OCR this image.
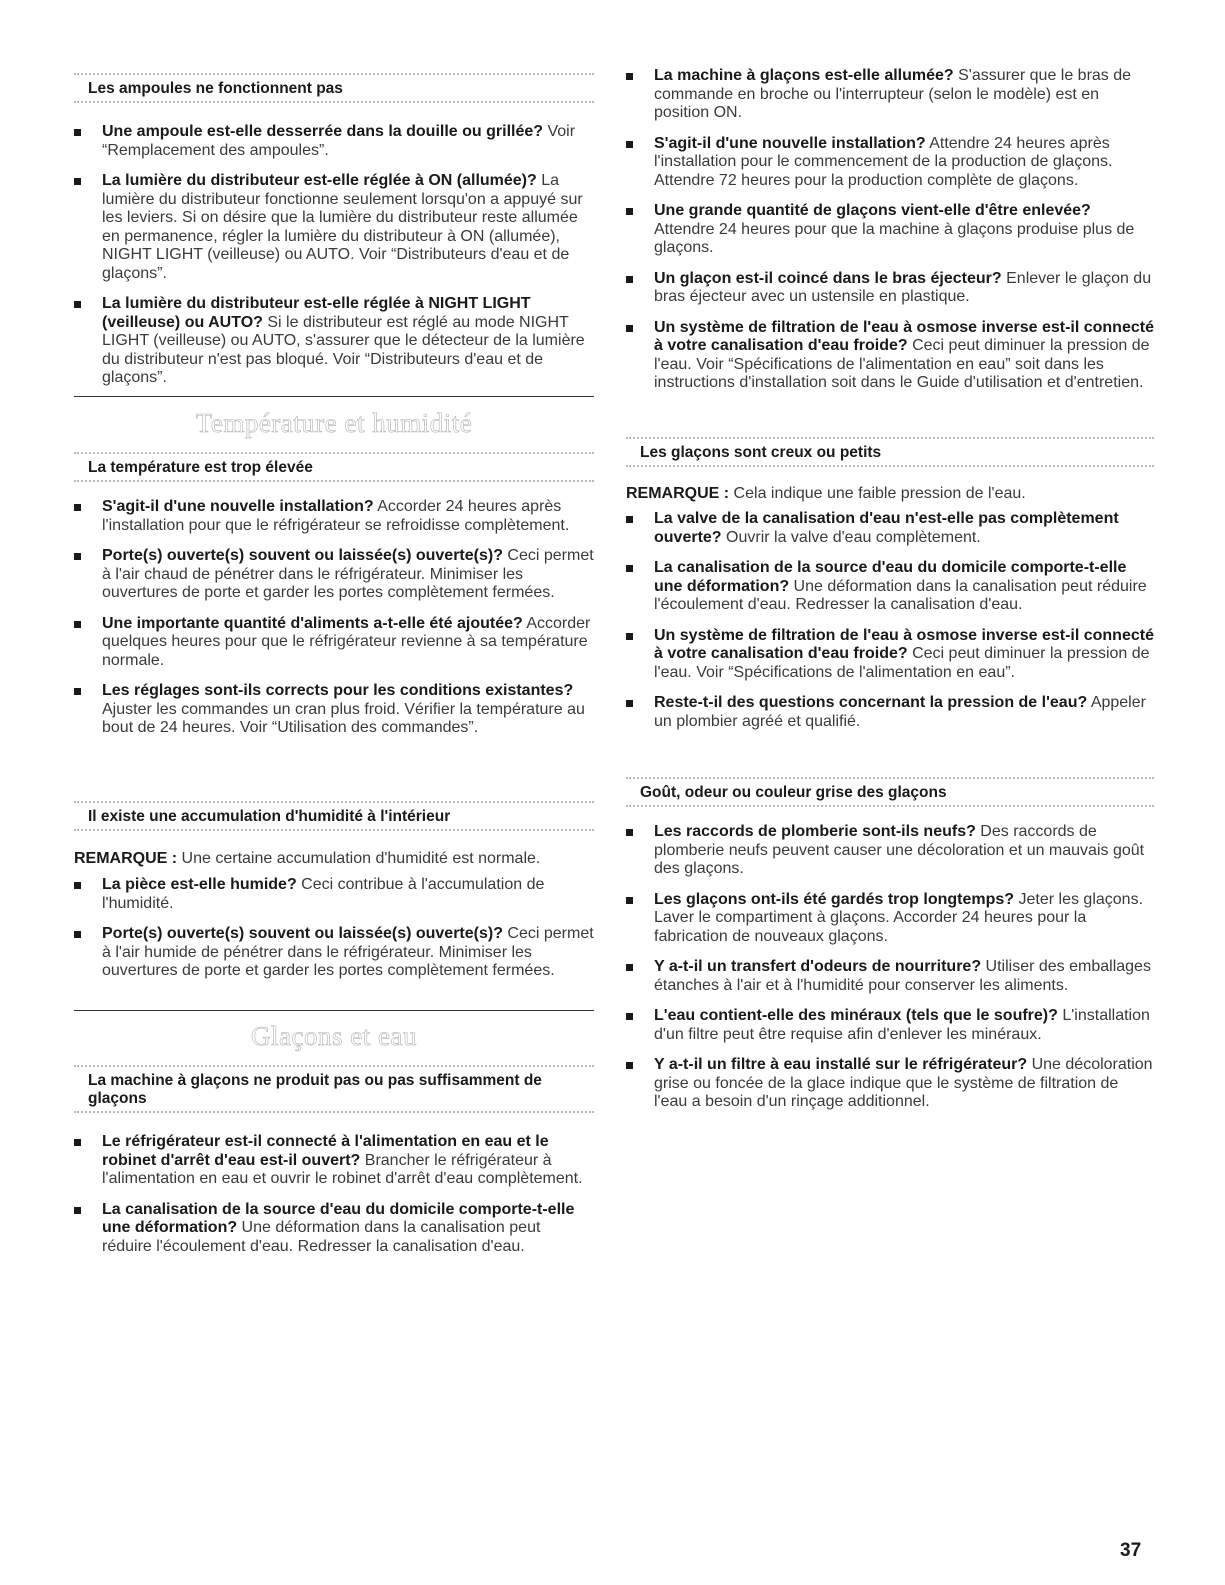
Les ampoules ne fonctionnent pas
Une ampoule est-elle desserrée dans la douille ou grillée? Voir “Remplacement des ampoules”.
La lumière du distributeur est-elle réglée à ON (allumée)? La lumière du distributeur fonctionne seulement lorsqu'on a appuyé sur les leviers. Si on désire que la lumière du distributeur reste allumée en permanence, régler la lumière du distributeur à ON (allumée), NIGHT LIGHT (veilleuse) ou AUTO. Voir “Distributeurs d'eau et de glaçons”.
La lumière du distributeur est-elle réglée à NIGHT LIGHT (veilleuse) ou AUTO? Si le distributeur est réglé au mode NIGHT LIGHT (veilleuse) ou AUTO, s'assurer que le détecteur de la lumière du distributeur n'est pas bloqué. Voir “Distributeurs d'eau et de glaçons”.
Température et humidité
La température est trop élevée
S'agit-il d'une nouvelle installation? Accorder 24 heures après l'installation pour que le réfrigérateur se refroidisse complètement.
Porte(s) ouverte(s) souvent ou laissée(s) ouverte(s)? Ceci permet à l'air chaud de pénétrer dans le réfrigérateur. Minimiser les ouvertures de porte et garder les portes complètement fermées.
Une importante quantité d'aliments a-t-elle été ajoutée? Accorder quelques heures pour que le réfrigérateur revienne à sa température normale.
Les réglages sont-ils corrects pour les conditions existantes? Ajuster les commandes un cran plus froid. Vérifier la température au bout de 24 heures. Voir “Utilisation des commandes”.
Il existe une accumulation d'humidité à l'intérieur
REMARQUE : Une certaine accumulation d'humidité est normale.
La pièce est-elle humide? Ceci contribue à l'accumulation de l'humidité.
Porte(s) ouverte(s) souvent ou laissée(s) ouverte(s)? Ceci permet à l'air humide de pénétrer dans le réfrigérateur. Minimiser les ouvertures de porte et garder les portes complètement fermées.
Glaçons et eau
La machine à glaçons ne produit pas ou pas suffisamment de glaçons
Le réfrigérateur est-il connecté à l'alimentation en eau et le robinet d'arrêt d'eau est-il ouvert? Brancher le réfrigérateur à l'alimentation en eau et ouvrir le robinet d'arrêt d'eau complètement.
La canalisation de la source d'eau du domicile comporte-t-elle une déformation? Une déformation dans la canalisation peut réduire l'écoulement d'eau. Redresser la canalisation d'eau.
La machine à glaçons est-elle allumée? S'assurer que le bras de commande en broche ou l'interrupteur (selon le modèle) est en position ON.
S'agit-il d'une nouvelle installation? Attendre 24 heures après l'installation pour le commencement de la production de glaçons. Attendre 72 heures pour la production complète de glaçons.
Une grande quantité de glaçons vient-elle d'être enlevée? Attendre 24 heures pour que la machine à glaçons produise plus de glaçons.
Un glaçon est-il coincé dans le bras éjecteur? Enlever le glaçon du bras éjecteur avec un ustensile en plastique.
Un système de filtration de l'eau à osmose inverse est-il connecté à votre canalisation d'eau froide? Ceci peut diminuer la pression de l'eau. Voir “Spécifications de l'alimentation en eau” soit dans les instructions d'installation soit dans le Guide d'utilisation et d'entretien.
Les glaçons sont creux ou petits
REMARQUE : Cela indique une faible pression de l'eau.
La valve de la canalisation d'eau n'est-elle pas complètement ouverte? Ouvrir la valve d'eau complètement.
La canalisation de la source d'eau du domicile comporte-t-elle une déformation? Une déformation dans la canalisation peut réduire l'écoulement d'eau. Redresser la canalisation d'eau.
Un système de filtration de l'eau à osmose inverse est-il connecté à votre canalisation d'eau froide? Ceci peut diminuer la pression de l'eau. Voir “Spécifications de l'alimentation en eau”.
Reste-t-il des questions concernant la pression de l'eau? Appeler un plombier agréé et qualifié.
Goût, odeur ou couleur grise des glaçons
Les raccords de plomberie sont-ils neufs? Des raccords de plomberie neufs peuvent causer une décoloration et un mauvais goût des glaçons.
Les glaçons ont-ils été gardés trop longtemps? Jeter les glaçons. Laver le compartiment à glaçons. Accorder 24 heures pour la fabrication de nouveaux glaçons.
Y a-t-il un transfert d'odeurs de nourriture? Utiliser des emballages étanches à l'air et à l'humidité pour conserver les aliments.
L'eau contient-elle des minéraux (tels que le soufre)? L'installation d'un filtre peut être requise afin d'enlever les minéraux.
Y a-t-il un filtre à eau installé sur le réfrigérateur? Une décoloration grise ou foncée de la glace indique que le système de filtration de l'eau a besoin d'un rinçage additionnel.
37
